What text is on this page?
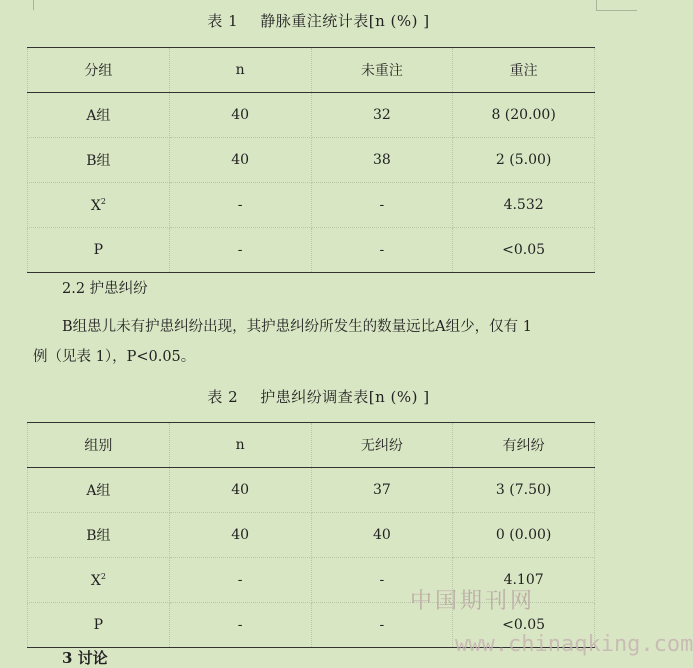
表 1 静脉重注统计表[n (%) ]
分组	n	未重注	重注
A组	40	32	8 (20.00)
B组	40	38	2 (5.00)
$X^2$	-	-	4.532
P	-	-	<0.05
2.2 护患纠纷
B组患儿未有护患纠纷出现，其护患纠纷所发生的数量远比A组少，仅有 1
例（见表 1），P<0.05。
表 2 护患纠纷调查表[n (%) ]
组别	n	无纠纷	有纠纷
A组	40	37	3 (7.50)
B组	40	40	0 (0.00)
$X^2$	-	-	4.107
P	-	-	<0.05
3 讨论
中国期刊网
www.chinaqking.com
